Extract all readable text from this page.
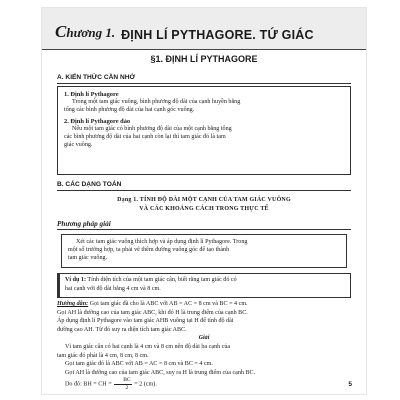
Chương 1. ĐỊNH LÍ PYTHAGORE. TỨ GIÁC
§1. ĐỊNH LÍ PYTHAGORE
A. KIẾN THỨC CẦN NHỚ
1. Định lí Pythagore
Trong một tam giác vuông, bình phương độ dài của cạnh huyền bằng
tổng các bình phương độ dài của hai cạnh góc vuông.
2. Định lí Pythagore đảo
Nếu một tam giác có bình phương độ dài của một cạnh bằng tổng
các bình phương độ dài của hai cạnh còn lại thì tam giác đó là tam
giác vuông.
B. CÁC DẠNG TOÁN
Dạng 1. TÍNH ĐỘ DÀI MỘT CẠNH CỦA TAM GIÁC VUÔNG
VÀ CÁC KHOẢNG CÁCH TRONG THỰC TẾ
Phương pháp giải
Xét các tam giác vuông thích hợp và áp dụng định lí Pythagore. Trong
một số trường hợp, ta phải vẽ thêm đường vuông góc để tạo thành
tam giác vuông.
Ví dụ 1: Tính diện tích của một tam giác cân, biết rằng tam giác đó có
hai cạnh với độ dài bằng 4 cm và 8 cm.
Hướng dẫn: Gọi tam giác đã cho là ABC với AB = AC = 8 cm và BC = 4 cm.
Gọi AH là đường cao của tam giác ABC, khi đó H là trung điểm của cạnh BC.
Áp dụng định lí Pythagore vào tam giác AHB vuông tại H để tính độ dài
đường cao AH. Từ đó suy ra diện tích tam giác ABC.
Giải
Vì tam giác cân có hai cạnh là 4 cm và 8 cm nên độ dài ba cạnh của
tam giác đó phải là 4 cm, 8 cm, 8 cm.
Gọi tam giác đó là ABC với AB = AC = 8 cm và BC = 4 cm.
Gọi AH là đường cao của tam giác ABC, suy ra H là trung điểm của cạnh BC.
Do đó: BH = CH = $\frac{BC}{2} = 2$ (cm).	5
